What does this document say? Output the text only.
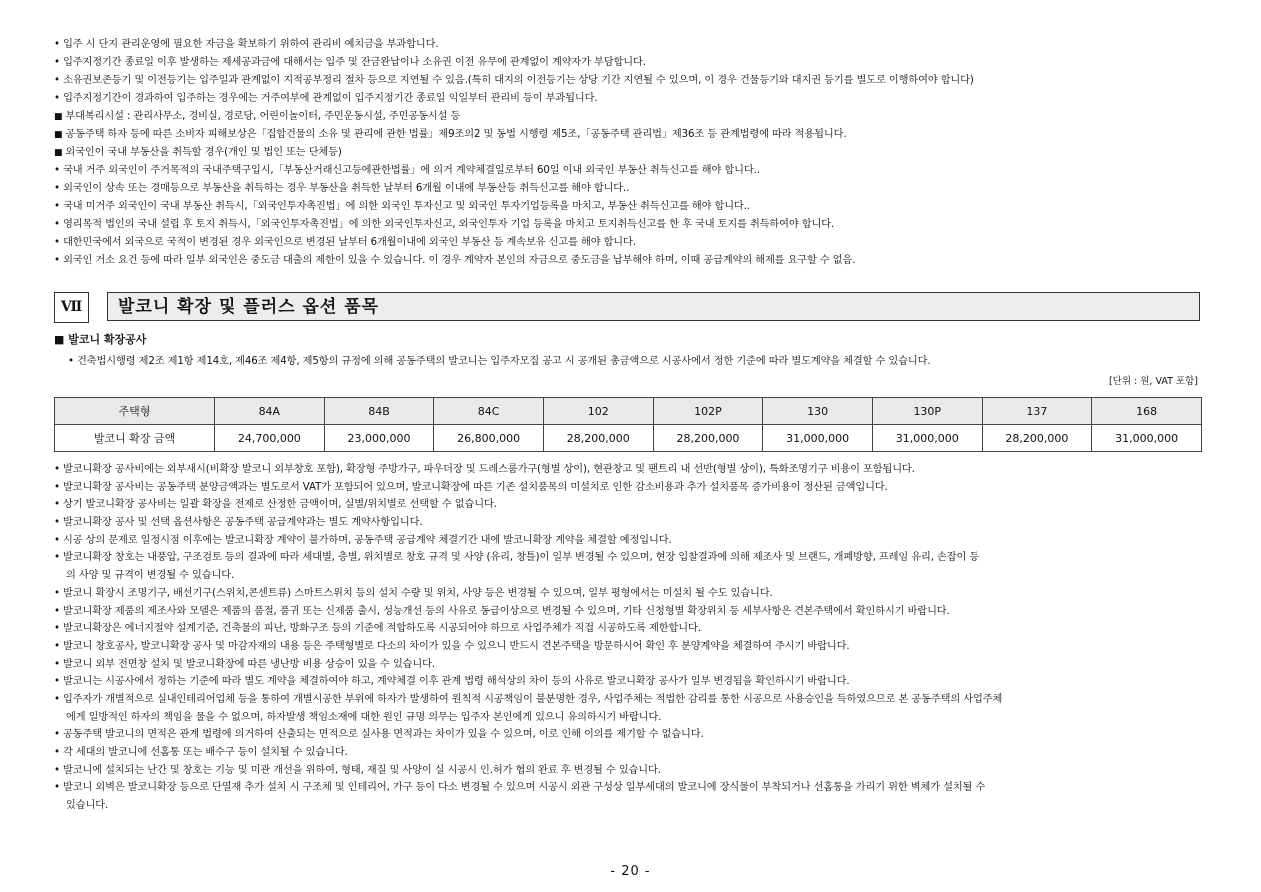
• 입주 시 단지 관리운영에 필요한 자금을 확보하기 위하여 관리비 예치금을 부과합니다.
• 입주지정기간 종료일 이후 발생하는 제세공과금에 대해서는 입주 및 잔금완납이나 소유권 이전 유무에 관계없이 계약자가 부담합니다.
• 소유권보존등기 및 이전등기는 입주일과 관계없이 지적공부정리 절차 등으로 지연될 수 있음.(특히 대지의 이전등기는 상당 기간 지연될 수 있으며, 이 경우 건물등기와 대지권 등기를 별도로 이행하여야 합니다)
• 입주지정기간이 경과하여 입주하는 경우에는 거주여부에 관계없이 입주지정기간 종료일 익일부터 관리비 등이 부과됩니다.
■ 부대복리시설 : 관리사무소, 경비실, 경로당, 어린이놀이터, 주민운동시설, 주민공동시설 등
■ 공동주택 하자 등에 따른 소비자 피해보상은「집합건물의 소유 및 관리에 관한 법률」제9조의2 및 동법 시행령 제5조,「공동주택 관리법」제36조 등 관계법령에 따라 적용됩니다.
■ 외국인이 국내 부동산을 취득할 경우(개인 및 법인 또는 단체등)
• 국내 거주 외국인이 주거목적의 국내주택구입시,「부동산거래신고등에관한법률」에 의거 계약체결일로부터 60일 이내 외국인 부동산 취득신고를 해야 합니다..
• 외국인이 상속 또는 경매등으로 부동산을 취득하는 경우 부동산을 취득한 날부터 6개월 이내에 부동산등 취득신고를 해야 합니다..
• 국내 미거주 외국인이 국내 부동산 취득시,「외국인투자촉진법」에 의한 외국인 투자신고 및 외국인 투자기업등록을 마치고, 부동산 취득신고를 해야 합니다..
• 영리목적 법인의 국내 설립 후 토지 취득시,「외국인투자촉진법」에 의한 외국인투자신고, 외국인투자 기업 등록을 마치고 토지취득신고를 한 후 국내 토지를 취득하여야 합니다.
• 대한민국에서 외국으로 국적이 변경된 경우 외국인으로 변경된 날부터 6개월이내에 외국인 부동산 등 계속보유 신고를 해야 합니다.
• 외국인 거소 요건 등에 따라 일부 외국인은 중도금 대출의 제한이 있을 수 있습니다. 이 경우 계약자 본인의 자금으로 중도금을 납부해야 하며, 이때 공급계약의 해제를 요구할 수 없음.
Ⅶ	발코니 확장 및 플러스 옵션 품목
■ 발코니 확장공사
• 건축법시행령 제2조 제1항 제14호, 제46조 제4항, 제5항의 규정에 의해 공동주택의 발코니는 입주자모집 공고 시 공개된 총금액으로 시공사에서 정한 기준에 따라 별도계약을 체결할 수 있습니다.
[단위 : 원, VAT 포함]
주택형	84A	84B	84C	102	102P	130	130P	137	168
발코니 확장 금액	24,700,000	23,000,000	26,800,000	28,200,000	28,200,000	31,000,000	31,000,000	28,200,000	31,000,000
• 발코니확장 공사비에는 외부새시(비확장 발코니 외부창호 포함), 확장형 주방가구, 파우더장 및 드레스룸가구(형별 상이), 현관창고 및 팬트리 내 선반(형별 상이), 특화조명기구 비용이 포함됩니다.
• 발코니확장 공사비는 공동주택 분양금액과는 별도로서 VAT가 포함되어 있으며, 발코니확장에 따른 기존 설치품목의 미설치로 인한 감소비용과 추가 설치품목 증가비용이 정산된 금액입니다.
• 상기 발코니확장 공사비는 일괄 확장을 전제로 산정한 금액이며, 실별/위치별로 선택할 수 없습니다.
• 발코니확장 공사 및 선택 옵션사항은 공동주택 공급계약과는 별도 계약사항입니다.
• 시공 상의 문제로 일정시점 이후에는 발코니확장 계약이 불가하며, 공동주택 공급계약 체결기간 내에 발코니확장 계약을 체결할 예정입니다.
• 발코니확장 창호는 내풍압, 구조검토 등의 결과에 따라 세대별, 층별, 위치별로 창호 규격 및 사양 (유리, 창틀)이 일부 변경될 수 있으며, 현장 입찰결과에 의해 제조사 및 브랜드, 개폐방향, 프레임 유리, 손잡이 등
의 사양 및 규격이 변경될 수 있습니다.
• 발코니 확장시 조명기구, 배선기구(스위치,콘센트류) 스마트스위치 등의 설치 수량 및 위치, 사양 등은 변경될 수 있으며, 일부 평형에서는 미설치 될 수도 있습니다.
• 발코니확장 제품의 제조사와 모델은 제품의 품절, 품귀 또는 신제품 출시, 성능개선 등의 사유로 동급이상으로 변경될 수 있으며, 기타 신청형별 확장위치 등 세부사항은 견본주택에서 확인하시기 바랍니다.
• 발코니확장은 에너지절약 설계기준, 건축물의 피난, 방화구조 등의 기준에 적합하도록 시공되어야 하므로 사업주체가 직접 시공하도록 제한합니다.
• 발코니 창호공사, 발코니확장 공사 및 마감자재의 내용 등은 주택형별로 다소의 차이가 있을 수 있으니 반드시 견본주택을 방문하시어 확인 후 분양계약을 체결하여 주시기 바랍니다.
• 발코니 외부 전면창 설치 및 발코니확장에 따른 냉난방 비용 상승이 있을 수 있습니다.
• 발코니는 시공사에서 정하는 기준에 따라 별도 계약을 체결하여야 하고, 계약체결 이후 관계 법령 해석상의 차이 등의 사유로 발코니확장 공사가 일부 변경됨을 확인하시기 바랍니다.
• 입주자가 개별적으로 실내인테리어업체 등을 통하여 개별시공한 부위에 하자가 발생하여 원칙적 시공책임이 불분명한 경우, 사업주체는 적법한 감리를 통한 시공으로 사용승인을 득하였으므로 본 공동주택의 사업주체
에게 일방적인 하자의 책임을 물을 수 없으며, 하자발생 책임소재에 대한 원인 규명 의무는 입주자 본인에게 있으니 유의하시기 바랍니다.
• 공동주택 발코니의 면적은 관계 법령에 의거하여 산출되는 면적으로 실사용 면적과는 차이가 있을 수 있으며, 이로 인해 이의를 제기할 수 없습니다.
• 각 세대의 발코니에 선홈통 또는 배수구 등이 설치될 수 있습니다.
• 발코니에 설치되는 난간 및 창호는 기능 및 미관 개선을 위하여, 형태, 재질 및 사양이 실 시공시 인.허가 협의 완료 후 변경될 수 있습니다.
• 발코니 외벽은 발코니확장 등으로 단열재 추가 설치 시 구조체 및 인테리어, 가구 등이 다소 변경될 수 있으며 시공시 외관 구성상 일부세대의 발코니에 장식물이 부착되거나 선홈통을 가리기 위한 벽체가 설치될 수
있습니다.
- 20 -
